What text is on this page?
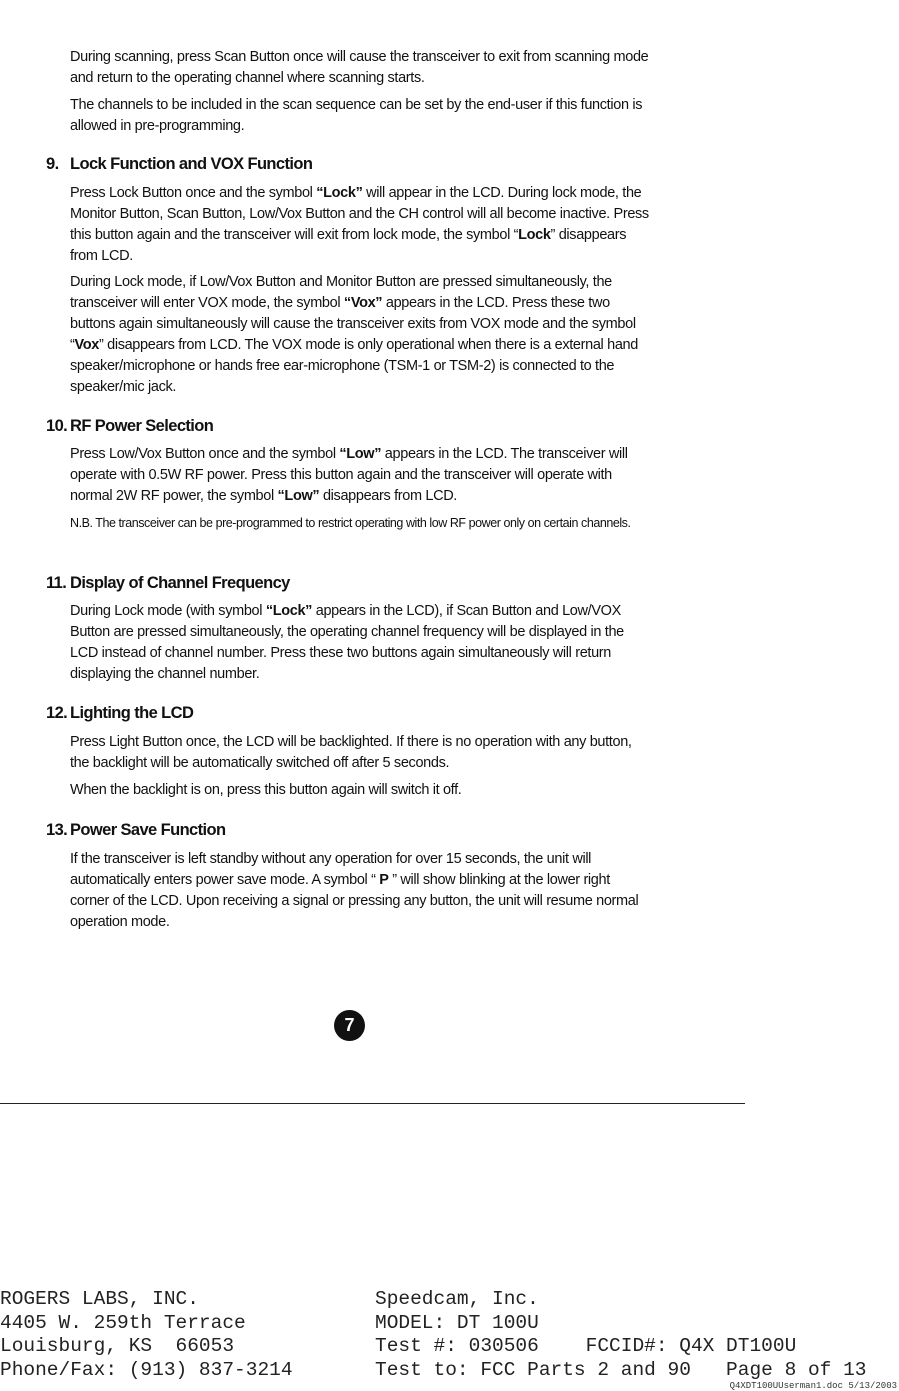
During scanning, press Scan Button once will cause the transceiver to exit from scanning mode and return to the operating channel where scanning starts.

The channels to be included in the scan sequence can be set by the end-user if this function is allowed in pre-programming.

9. Lock Function and VOX Function

Press Lock Button once and the symbol “Lock” will appear in the LCD. During lock mode, the Monitor Button, Scan Button, Low/Vox Button and the CH control will all become inactive. Press this button again and the transceiver will exit from lock mode, the symbol “Lock” disappears from LCD.

During Lock mode, if Low/Vox Button and Monitor Button are pressed simultaneously, the transceiver will enter VOX mode, the symbol “Vox” appears in the LCD. Press these two buttons again simultaneously will cause the transceiver exits from VOX mode and the symbol “Vox” disappears from LCD. The VOX mode is only operational when there is a external hand speaker/microphone or hands free ear-microphone (TSM-1 or TSM-2) is connected to the speaker/mic jack.

10. RF Power Selection

Press Low/Vox Button once and the symbol “Low” appears in the LCD. The transceiver will operate with 0.5W RF power. Press this button again and the transceiver will operate with normal 2W RF power, the symbol “Low” disappears from LCD.

N.B. The transceiver can be pre-programmed to restrict operating with low RF power only on certain channels.

11. Display of Channel Frequency

During Lock mode (with symbol “Lock” appears in the LCD), if Scan Button and Low/VOX Button are pressed simultaneously, the operating channel frequency will be displayed in the LCD instead of channel number. Press these two buttons again simultaneously will return displaying the channel number.

12. Lighting the LCD

Press Light Button once, the LCD will be backlighted. If there is no operation with any button, the backlight will be automatically switched off after 5 seconds.

When the backlight is on, press this button again will switch it off.

13. Power Save Function

If the transceiver is left standby without any operation for over 15 seconds, the unit will automatically enters power save mode. A symbol “ P ” will show blinking at the lower right corner of the LCD. Upon receiving a signal or pressing any button, the unit will resume normal operation mode.

7
ROGERS LABS, INC.
4405 W. 259th Terrace
Louisburg, KS  66053
Phone/Fax: (913) 837-3214
Speedcam, Inc.
MODEL: DT 100U
Test #: 030506    FCCID#: Q4X DT100U
Test to: FCC Parts 2 and 90   Page 8 of 13
Q4XDT100UUserman1.doc 5/13/2003
